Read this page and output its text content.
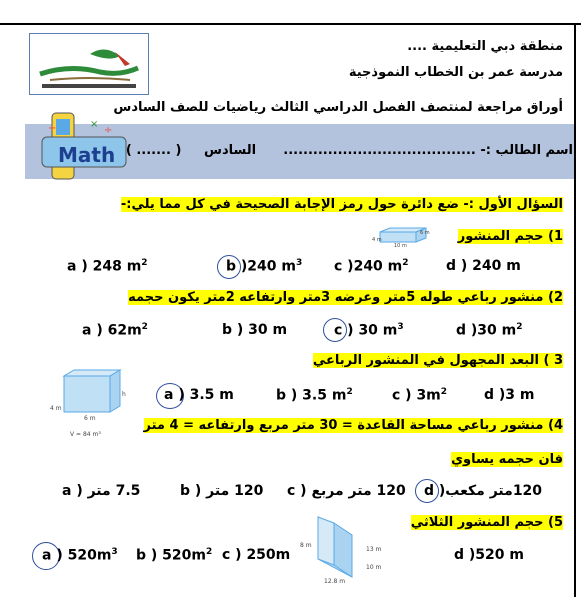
منطقة دبي التعليمية ....
مدرسة عمر بن الخطاب النموذجية
أوراق مراجعة لمنتصف الفصل الدراسي الثالث رياضيات للصف السادس
+	×
÷
Math	اسم الطالب :- .......................................      السادس     ( ....... )
السؤال الأول :- ضع دائرة حول رمز الإجابة الصحيحة في كل مما يلي:-
1) حجم المنشور
4 m
10 m
6 m
a ) 248 $m^2$	b )240 $m^3$ c )240 $m^2$	d ) 240 m
2) منشور رباعي طوله 5متر وعرضه 3متر وارتفاعه 2متر يكون حجمه
a ) $62m^2$	b ) 30 m	c ) 30 $m^3$	d )30 $m^2$
3 ) البعد المجهول في المنشور الرباعي
h
4 m
6 m
V = 84 m³
a ) 3.5 m	b ) 3.5 $m^2$	c ) $3m^2$	d )3 m
4) منشور رباعي مساحة القاعدة = 30 متر مربع وارتفاعه = 4 متر
فان حجمه يساوي
7.5 متر ( a	120 متر ( b 120 متر مربع ( c 120متر مكعب( d
5) حجم المنشور الثلاثي
8 m
13 m
10 m
12.8 m
a ) $520m^3$ b ) $520m^2$ c ) 250m	d )520 m
